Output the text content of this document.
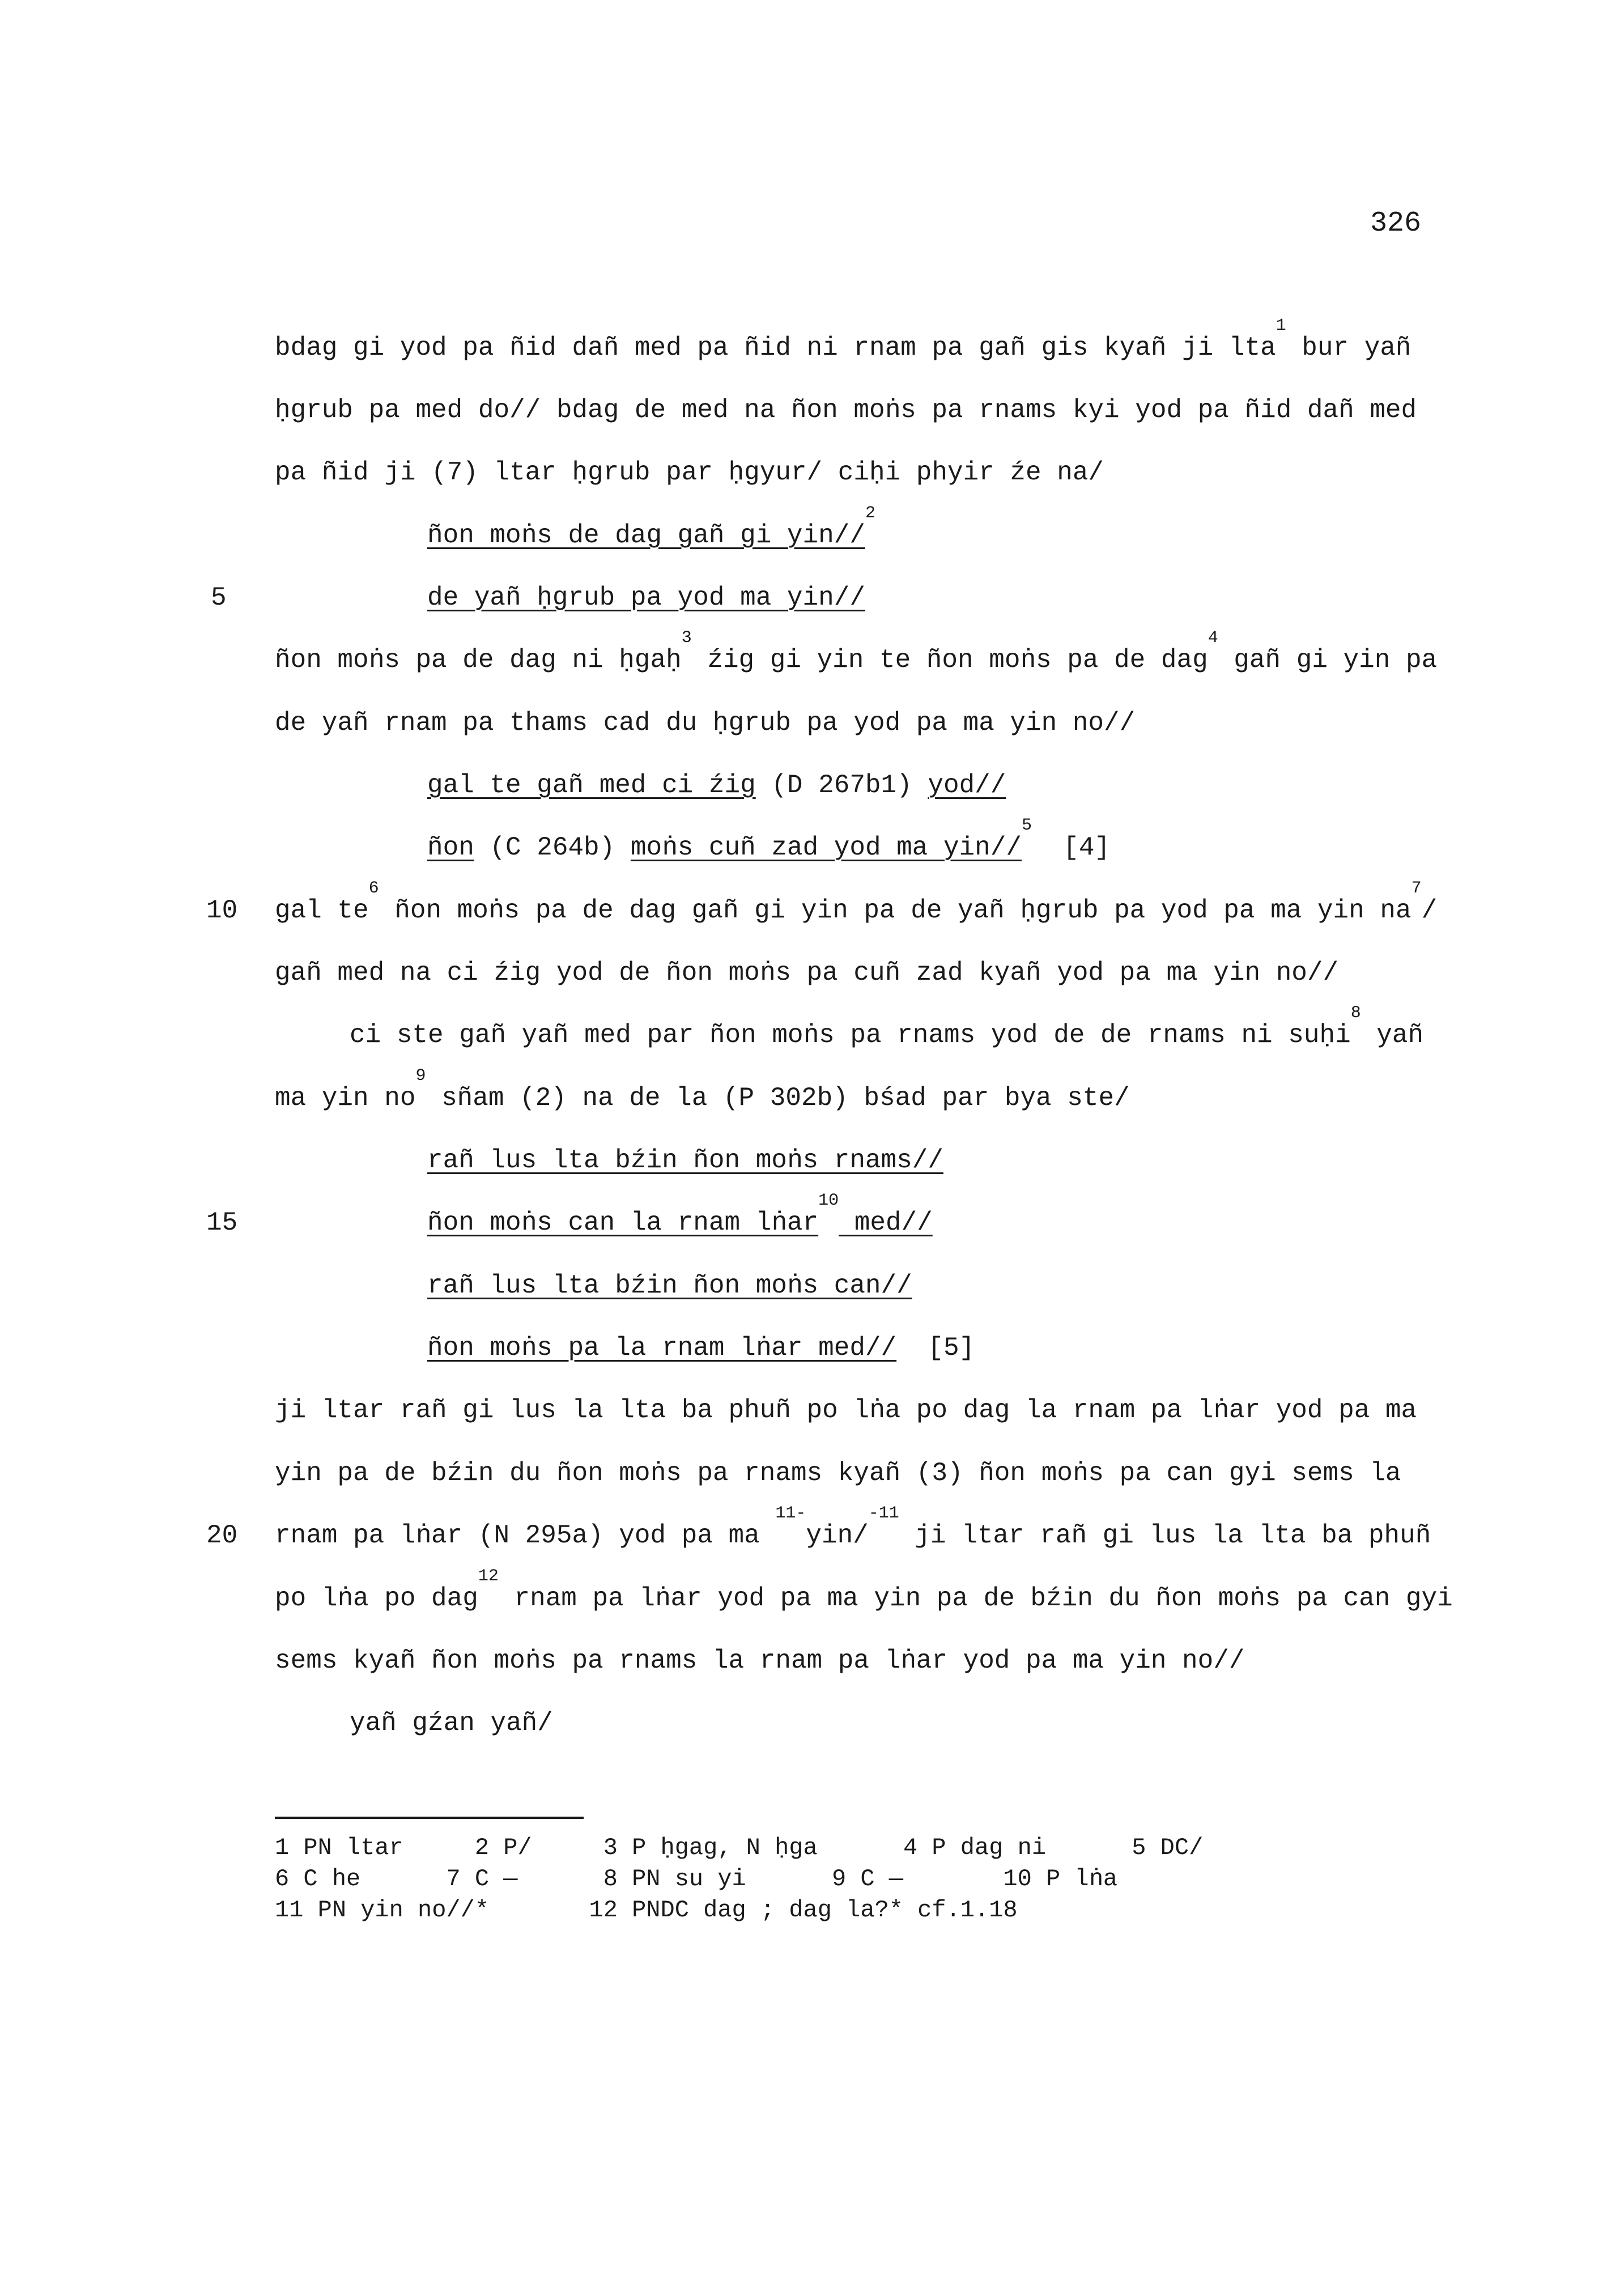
326
bdag gi yod pa ñid dañ med pa ñid ni rnam pa gañ gis kyañ ji lta$^1$ bur yañ
ḥgrub pa med do// bdag de med na ñon moṅs pa rnams kyi yod pa ñid dañ med
pa ñid ji (7) ltar ḥgrub par ḥgyur/ ciḥi phyir źe na/
ñon moṅs de dag gañ gi yin//$^2$
5	de yañ ḥgrub pa yod ma yin//
ñon moṅs pa de dag ni ḥgaḥ$^3$ źig gi yin te ñon moṅs pa de dag$^4$ gañ gi yin pa
de yañ rnam pa thams cad du ḥgrub pa yod pa ma yin no//
gal te gañ med ci źig (D 267b1) yod//
ñon (C 264b) moṅs cuñ zad yod ma yin//$^5$  [4]
10 gal $te^6$ ñon moṅs pa de dag gañ gi yin pa de yañ ḥgrub pa yod pa ma yin $na^7/$
gañ med na ci źig yod de ñon moṅs pa cuñ zad kyañ yod pa ma yin no//
ci ste gañ yañ med par ñon moṅs pa rnams yod de de rnams ni suḥi$^8$ yañ
ma yin $no^9$ sñam (2) na de la (P 302b) bśad par bya ste/
rañ lus lta bźin ñon moṅs rnams//
15	ñon moṅs can la rnam lṅar$^{10}$ med//
rañ lus lta bźin ñon moṅs can//
ñon moṅs pa la rnam lṅar med//  [5]
ji ltar rañ gi lus la lta ba phuñ po lṅa po dag la rnam pa lṅar yod pa ma
yin pa de bźin du ñon moṅs pa rnams kyañ (3) ñon moṅs pa can gyi sems la
20 rnam pa lṅar (N 295a) yod pa ma $^{11-}$yin/$^{-11}$ ji ltar rañ gi lus la lta ba phuñ
po lṅa po dag$^{12}$ rnam pa lṅar yod pa ma yin pa de bźin du ñon moṅs pa can gyi
sems kyañ ñon moṅs pa rnams la rnam pa lṅar yod pa ma yin no//
yañ gźan yañ/
1 PN ltar     2 P/     3 P ḥgag, N ḥga      4 P dag ni      5 DC/
6 C he      7 C —      8 PN su yi      9 C —       10 P lṅa
11 PN yin no//*       12 PNDC dag ; dag la?* cf.1.18
